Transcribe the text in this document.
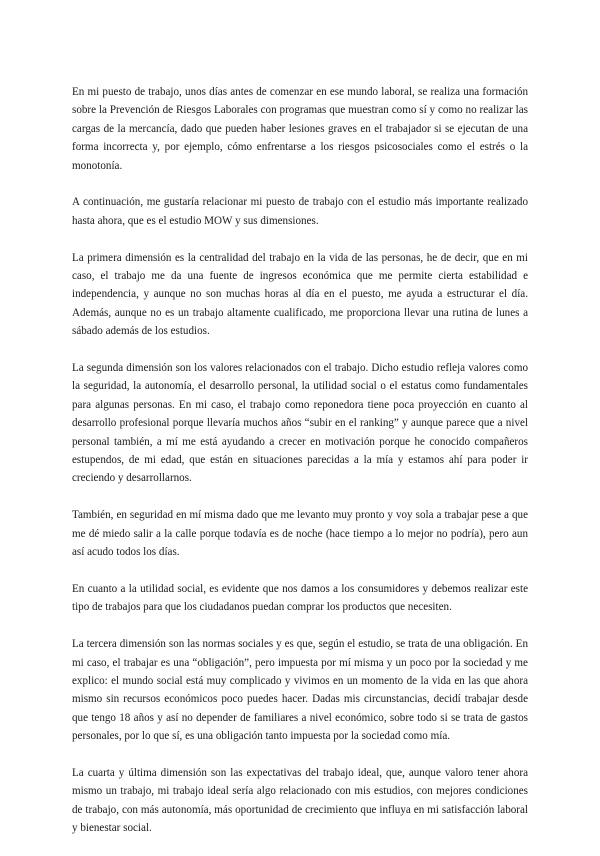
En mi puesto de trabajo, unos días antes de comenzar en ese mundo laboral, se realiza una formación sobre la Prevención de Riesgos Laborales con programas que muestran como sí y como no realizar las cargas de la mercancía, dado que pueden haber lesiones graves en el trabajador si se ejecutan de una forma incorrecta y, por ejemplo, cómo enfrentarse a los riesgos psicosociales como el estrés o la monotonía.

A continuación, me gustaría relacionar mi puesto de trabajo con el estudio más importante realizado hasta ahora, que es el estudio MOW y sus dimensiones.

La primera dimensión es la centralidad del trabajo en la vida de las personas, he de decir, que en mi caso, el trabajo me da una fuente de ingresos económica que me permite cierta estabilidad e independencia, y aunque no son muchas horas al día en el puesto, me ayuda a estructurar el día. Además, aunque no es un trabajo altamente cualificado, me proporciona llevar una rutina de lunes a sábado además de los estudios.

La segunda dimensión son los valores relacionados con el trabajo. Dicho estudio refleja valores como la seguridad, la autonomía, el desarrollo personal, la utilidad social o el estatus como fundamentales para algunas personas. En mi caso, el trabajo como reponedora tiene poca proyección en cuanto al desarrollo profesional porque llevaría muchos años “subir en el ranking” y aunque parece que a nivel personal también, a mí me está ayudando a crecer en motivación porque he conocido compañeros estupendos, de mi edad, que están en situaciones parecidas a la mía y estamos ahí para poder ir creciendo y desarrollarnos.

También, en seguridad en mí misma dado que me levanto muy pronto y voy sola a trabajar pese a que me dé miedo salir a la calle porque todavía es de noche (hace tiempo a lo mejor no podría), pero aun así acudo todos los días.

En cuanto a la utilidad social, es evidente que nos damos a los consumidores y debemos realizar este tipo de trabajos para que los ciudadanos puedan comprar los productos que necesiten.

La tercera dimensión son las normas sociales y es que, según el estudio, se trata de una obligación. En mi caso, el trabajar es una “obligación”, pero impuesta por mí misma y un poco por la sociedad y me explico: el mundo social está muy complicado y vivimos en un momento de la vida en las que ahora mismo sin recursos económicos poco puedes hacer. Dadas mis circunstancias, decidí trabajar desde que tengo 18 años y así no depender de familiares a nivel económico, sobre todo si se trata de gastos personales, por lo que sí, es una obligación tanto impuesta por la sociedad como mía.

La cuarta y última dimensión son las expectativas del trabajo ideal, que, aunque valoro tener ahora mismo un trabajo, mi trabajo ideal sería algo relacionado con mis estudios, con mejores condiciones de trabajo, con más autonomía, más oportunidad de crecimiento que influya en mi satisfacción laboral y bienestar social.
